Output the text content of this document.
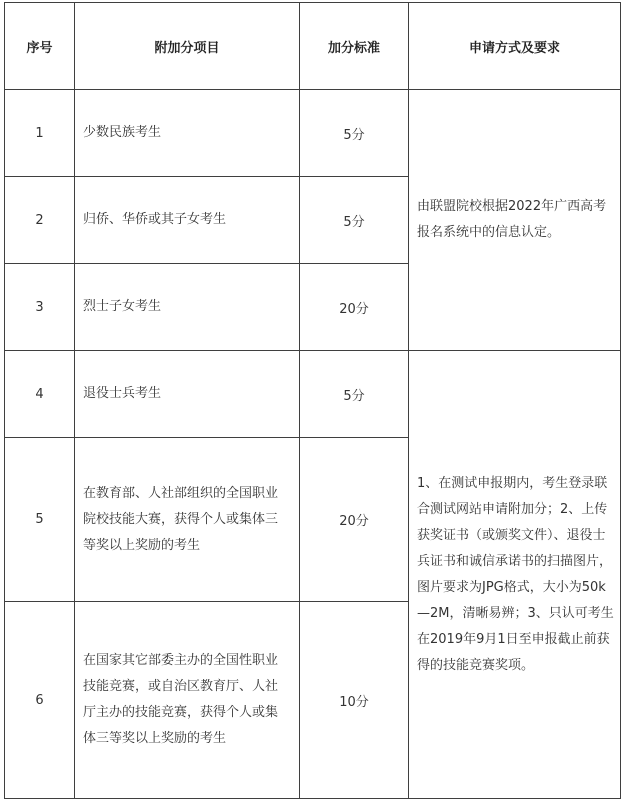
序号	附加分项目	加分标准	申请方式及要求
1	少数民族考生	5分	由联盟院校根据2022年广西高考报名系统中的信息认定。
2	归侨、华侨或其子女考生	5分	
3	烈士子女考生	20分	
4	退役士兵考生	5分	1、在测试申报期内，考生登录联合测试网站申请附加分；2、上传获奖证书（或颁奖文件）、退役士兵证书和诚信承诺书的扫描图片，图片要求为JPG格式，大小为50k—2M，清晰易辨；3、只认可考生在2019年9月1日至申报截止前获得的技能竞赛奖项。
5	在教育部、人社部组织的全国职业院校技能大赛，获得个人或集体三等奖以上奖励的考生	20分	
6	在国家其它部委主办的全国性职业技能竞赛，或自治区教育厅、人社厅主办的技能竞赛，获得个人或集体三等奖以上奖励的考生	10分	
